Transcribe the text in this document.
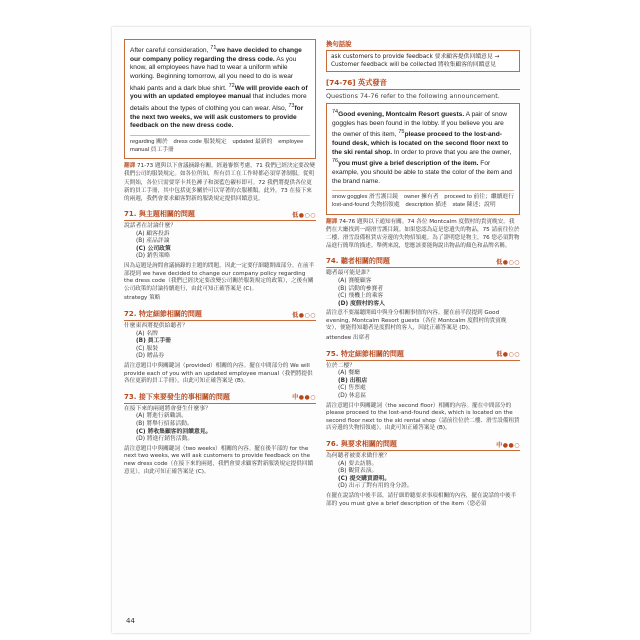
After careful consideration, $^{71}$we have decided to change our company policy regarding the dress code. As you know, all employees have had to wear a uniform while working. Beginning tomorrow, all you need to do is wear khaki pants and a dark blue shirt. $^{72}$We will provide each of you with an updated employee manual that includes more details about the types of clothing you can wear. Also, $^{73}$for the next two weeks, we will ask customers to provide feedback on the new dress code.
regarding 關於　dress code 服裝規定　updated 最新的　employee manual 員工手冊
翻譯 71-73 題與以下會議摘錄有關。經過審慎考慮，71 我們已經決定要改變我們公司的服裝規定。如各位所知，所有員工在工作時都必須穿著制服。從明天開始，各位只需要穿卡其色褲子和深藍色襯衫即可。72 我們將提供各位更新的員工手冊，其中包括更多關於可以穿著的衣服種類。此外，73 在接下來的兩週，我們會要求顧客對新的服裝規定提供回饋意見。
71. 與主題相關的問題	低●○○

說話者在討論什麼？

(A) 顧客投訴
(B) 產品評論
(C) 公司政策
(D) 銷售策略
因為這題是詢問會議摘錄的主題的問題，因此一定要仔細聽開頭部分。在前半部提到 we have decided to change our company policy regarding the dress code（我們已經決定要改變公司關於服裝規定的政策），之後有關公司政策的討論持續進行，由此可知正確答案是 (C)。
strategy 策略
72. 特定細節相關的問題	低●○○

什麼東西將提供給聽者？

(A) 名牌
(B) 員工手冊
(C) 服裝
(D) 贈品券
請注意題目中與關鍵詞（provided）相關的內容。擺在中間部分的 We will provide each of you with an updated employee manual（我們將提供各位更新的員工手冊），由此可知正確答案是 (B)。
73. 接下來要發生的事相關的問題	中●●○

在接下來的兩週將會發生什麼事？

(A) 將進行新職訓。
(B) 將舉行招募活動。
(C) 將收集顧客的回饋意見。
(D) 將進行銷售活動。
請注意題目中與關鍵詞（two weeks）相關的內容。擺在後半部的 for the next two weeks, we will ask customers to provide feedback on the new dress code（在接下來的兩週，我們會要求顧客對新服裝規定提供回饋意見），由此可知正確答案是 (C)。
換句話說
ask customers to provide feedback 要求顧客提供回饋意見 → Customer feedback will be collected 將收集顧客的回饋意見
[74-76] 英式發音
Questions 74-76 refer to the following announcement.
$^{74}$Good evening, Montcalm Resort guests. A pair of snow goggles has been found in the lobby. If you believe you are the owner of this item, $^{75}$please proceed to the lost-and-found desk, which is located on the second floor next to the ski rental shop. In order to prove that you are the owner, $^{76}$you must give a brief description of the item. For example, you should be able to state the color of the item and the brand name.
snow goggles 滑雪護目鏡　owner 擁有者　proceed to 前往；繼續進行　lost-and-found 失物招領處　description 描述　state 陳述；說明
翻譯 74-76 題與以下通知有關。74 各位 Montcalm 度假村的貴賓晚安。我們在大廳找到一副滑雪護目鏡。如果您認為這是您遺失的物品，75 請前往位於二樓、滑雪設備租賃店旁邊的失物招領處。為了證明您是物主，76 您必須對物品進行簡單的描述。舉例來說，您應該要能夠說出物品的顏色和品牌名稱。
74. 聽者相關的問題	低●○○

聽者最可能是誰？

(A) 賽艇顧客
(B) 活動的參賽者
(C) 飛機上的乘客
(D) 度假村的客人
請注意不要漏聽開頭中與身分相關事情的內容。擺在前半段提到 Good evening, Montcalm Resort guests（各位 Montcalm 度假村的貴賓晚安），便能得知聽者是度假村的客人，因此正確答案是 (D)。
attendee 出席者
75. 特定細節相關的問題	低●○○

位於二樓？

(A) 餐廳
(B) 出租店
(C) 售票處
(D) 休息區
請注意題目中與關鍵詞（the second floor）相關的內容。擺在中間部分的 please proceed to the lost-and-found desk, which is located on the second floor next to the ski rental shop（請前往位於二樓、滑雪設備租賃店旁邊的失物招領處），由此可知正確答案是 (B)。
76. 與要求相關的問題	中●●○

為何聽者被要求做什麼？

(A) 要去訪勝。
(B) 觀賞表演。
(C) 提交購買證明。
(D) 出示了對有用的身分證。
在擺在說話的中後半部，請仔細聆聽要求事項相關的內容，擺在說話的中後半部的 you must give a brief description of the item（您必須
44
